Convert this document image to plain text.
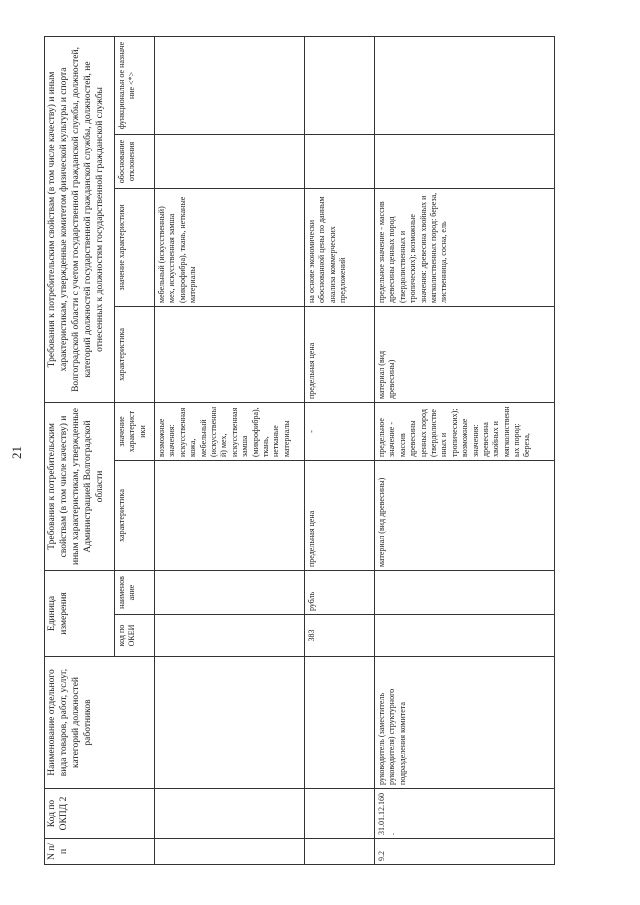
21
N п/п	Код по ОКПД 2	Наименование отдельного вида товаров, работ, услуг, категорий должностей работников	Единица измерения		Требования к потребительским свойствам (в том числе качеству) и иным характеристикам, утвержденные Администрацией Волгоградской области		Требования к потребительским свойствам (в том числе качеству) и иным характеристикам, утвержденные комитетом физической культуры и спорта Волгоградской области с учетом государственной гражданской службы, должностей, категорий должностей государственной гражданской службы, должностей, не отнесенных к должностям государственной гражданской службы			
			код по ОКЕИ	наименов ание	характеристика	значение характерист ики	характеристика	значение характеристики	обоснование отклонения	функциональн ое назначе ние <*>
						возможные значения: искусственная кожа, мебельный (искусственный) мех, искусственная замша (микрофибра), ткань, нетканые материалы		мебельный (искусственный) мех, искусственная замша (микрофибра), ткань, нетканые материалы		
			383	рубль	предельная цена	-	предельная цена	на основе экономически обоснованной цены по данным анализа коммерческих предложений		
9.2	31.01.12.160.	руководитель (заместитель руководителя) структурного подразделения комитета			материал (вид древесины)	предельное значение - массив древесины ценных пород (твердолиственных и тропических); возможные значения: древесина хвойных и мягколиственных пород: береза,	материал (вид древесины)	предельное значение - массив древесины ценных пород (твердолиственных и тропических); возможные значения: древесина хвойных и мягколиственных пород: береза, лиственница, сосна, ель		
